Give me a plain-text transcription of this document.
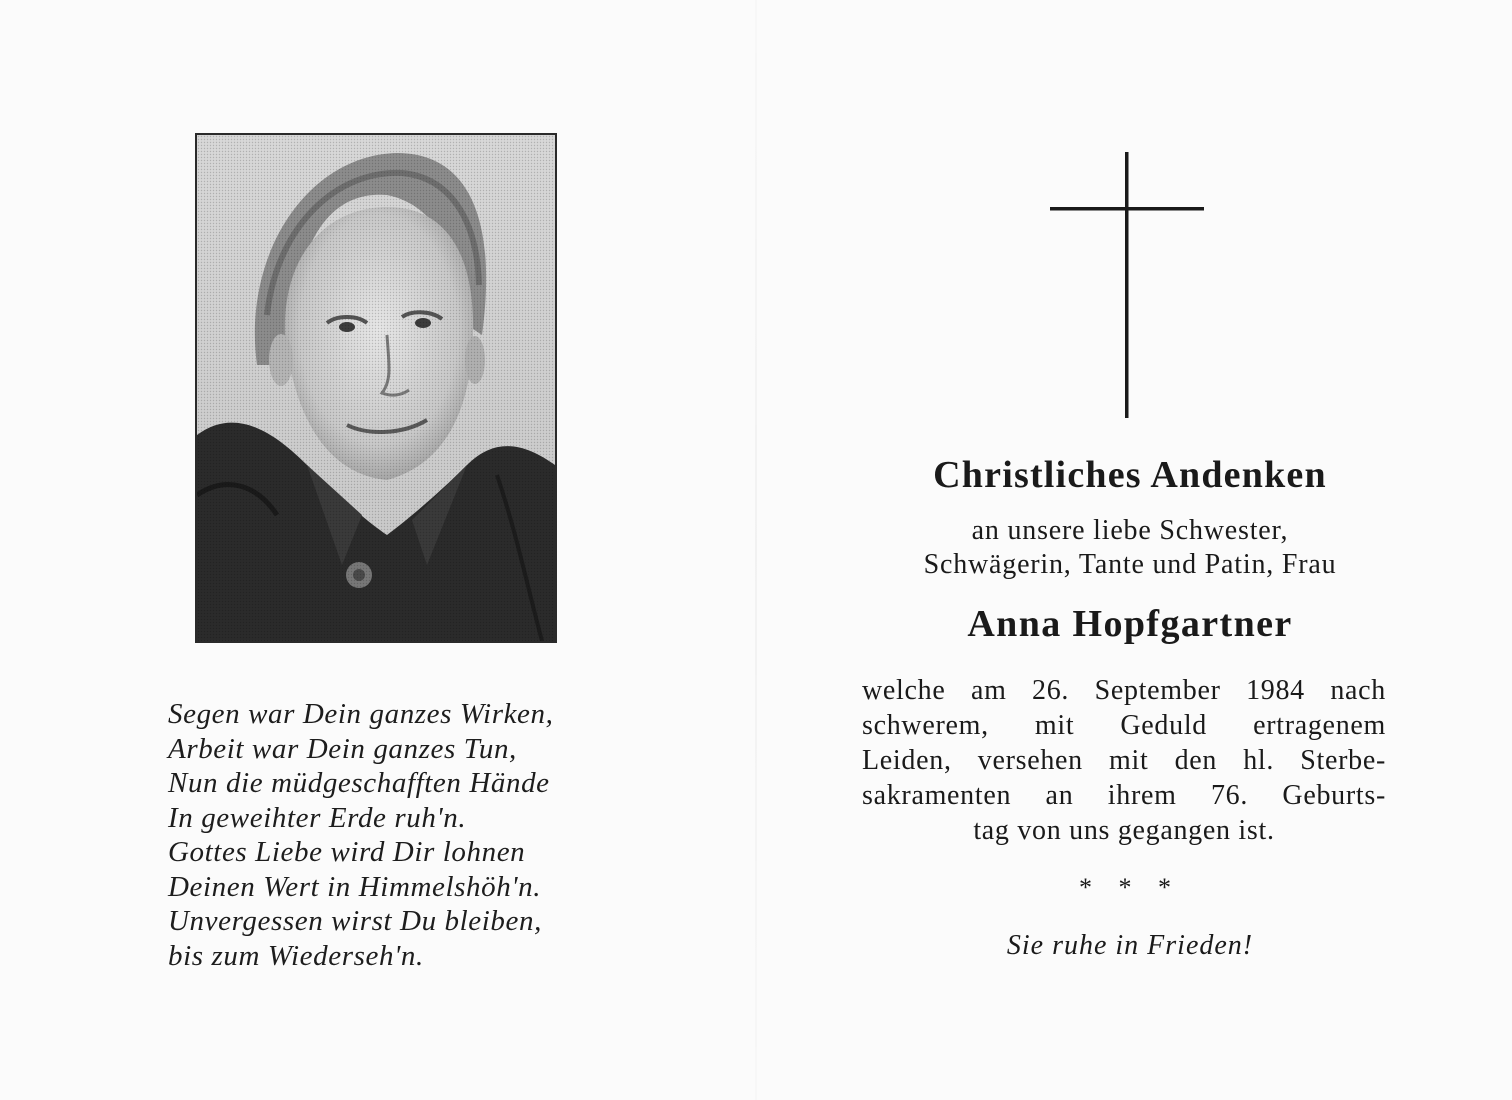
Segen war Dein ganzes Wirken,
Arbeit war Dein ganzes Tun,
Nun die müdgeschafften Hände
In geweihter Erde ruh'n.
Gottes Liebe wird Dir lohnen
Deinen Wert in Himmelshöh'n.
Unvergessen wirst Du bleiben,
bis zum Wiederseh'n.
Christliches Andenken
an unsere liebe Schwester,
Schwägerin, Tante und Patin, Frau
Anna Hopfgartner
welche am 26. September 1984 nach
schwerem, mit Geduld ertragenem
Leiden, versehen mit den hl. Sterbe-
sakramenten an ihrem 76. Geburts-
tag von uns gegangen ist.
* * *
Sie ruhe in Frieden!
